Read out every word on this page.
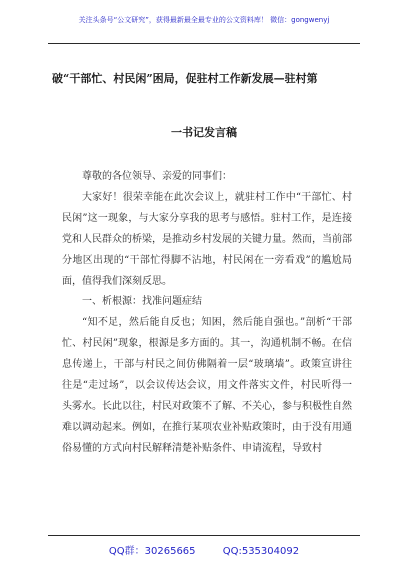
关注头条号“公文研究”，获得最新最全最专业的公文资料库！ 微信：gongwenyj
破“干部忙、村民闲”困局，促驻村工作新发展—驻村第
一书记发言稿

尊敬的各位领导、亲爱的同事们：

大家好！很荣幸能在此次会议上，就驻村工作中“干部忙、村民闲”这一现象，与大家分享我的思考与感悟。驻村工作，是连接党和人民群众的桥梁，是推动乡村发展的关键力量。然而，当前部分地区出现的“干部忙得脚不沾地，村民闲在一旁看戏”的尴尬局面，值得我们深刻反思。

一、析根源：找准问题症结

“知不足，然后能自反也；知困，然后能自强也。”剖析“干部忙、村民闲”现象，根源是多方面的。其一，沟通机制不畅。在信息传递上，干部与村民之间仿佛隔着一层“玻璃墙”。政策宣讲往往是“走过场”，以会议传达会议，用文件落实文件，村民听得一头雾水。长此以往，村民对政策不了解、不关心，参与积极性自然难以调动起来。例如，在推行某项农业补贴政策时，由于没有用通俗易懂的方式向村民解释清楚补贴条件、申请流程，导致村

QQ群：30265665	QQ:535304092
